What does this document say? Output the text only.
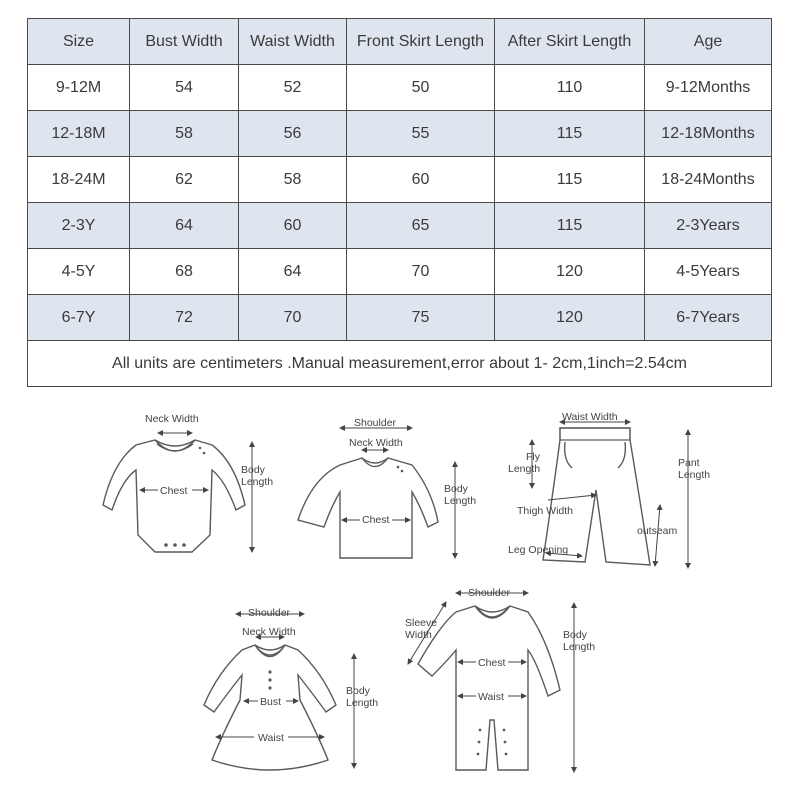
Size	Bust Width	Waist Width	Front Skirt Length	After Skirt Length	Age
9-12M	54	52	50	110	9-12Months
12-18M	58	56	55	115	12-18Months
18-24M	62	58	60	115	18-24Months
2-3Y	64	60	65	115	2-3Years
4-5Y	68	64	70	120	4-5Years
6-7Y	72	70	75	120	6-7Years
All units are centimeters .Manual measurement,error about 1- 2cm,1inch=2.54cm					
Neck Width
Chest
Body
Length
Shoulder
Neck Width
Chest
Body
Length
Waist Width
Fly
Length	Pant
Length
Thigh Width
outseam
Leg Opening
Shoulder
Neck Width
Bust
Waist
Body
Length
Shoulder
Sleeve
Width
Chest
Waist
Body
Length
